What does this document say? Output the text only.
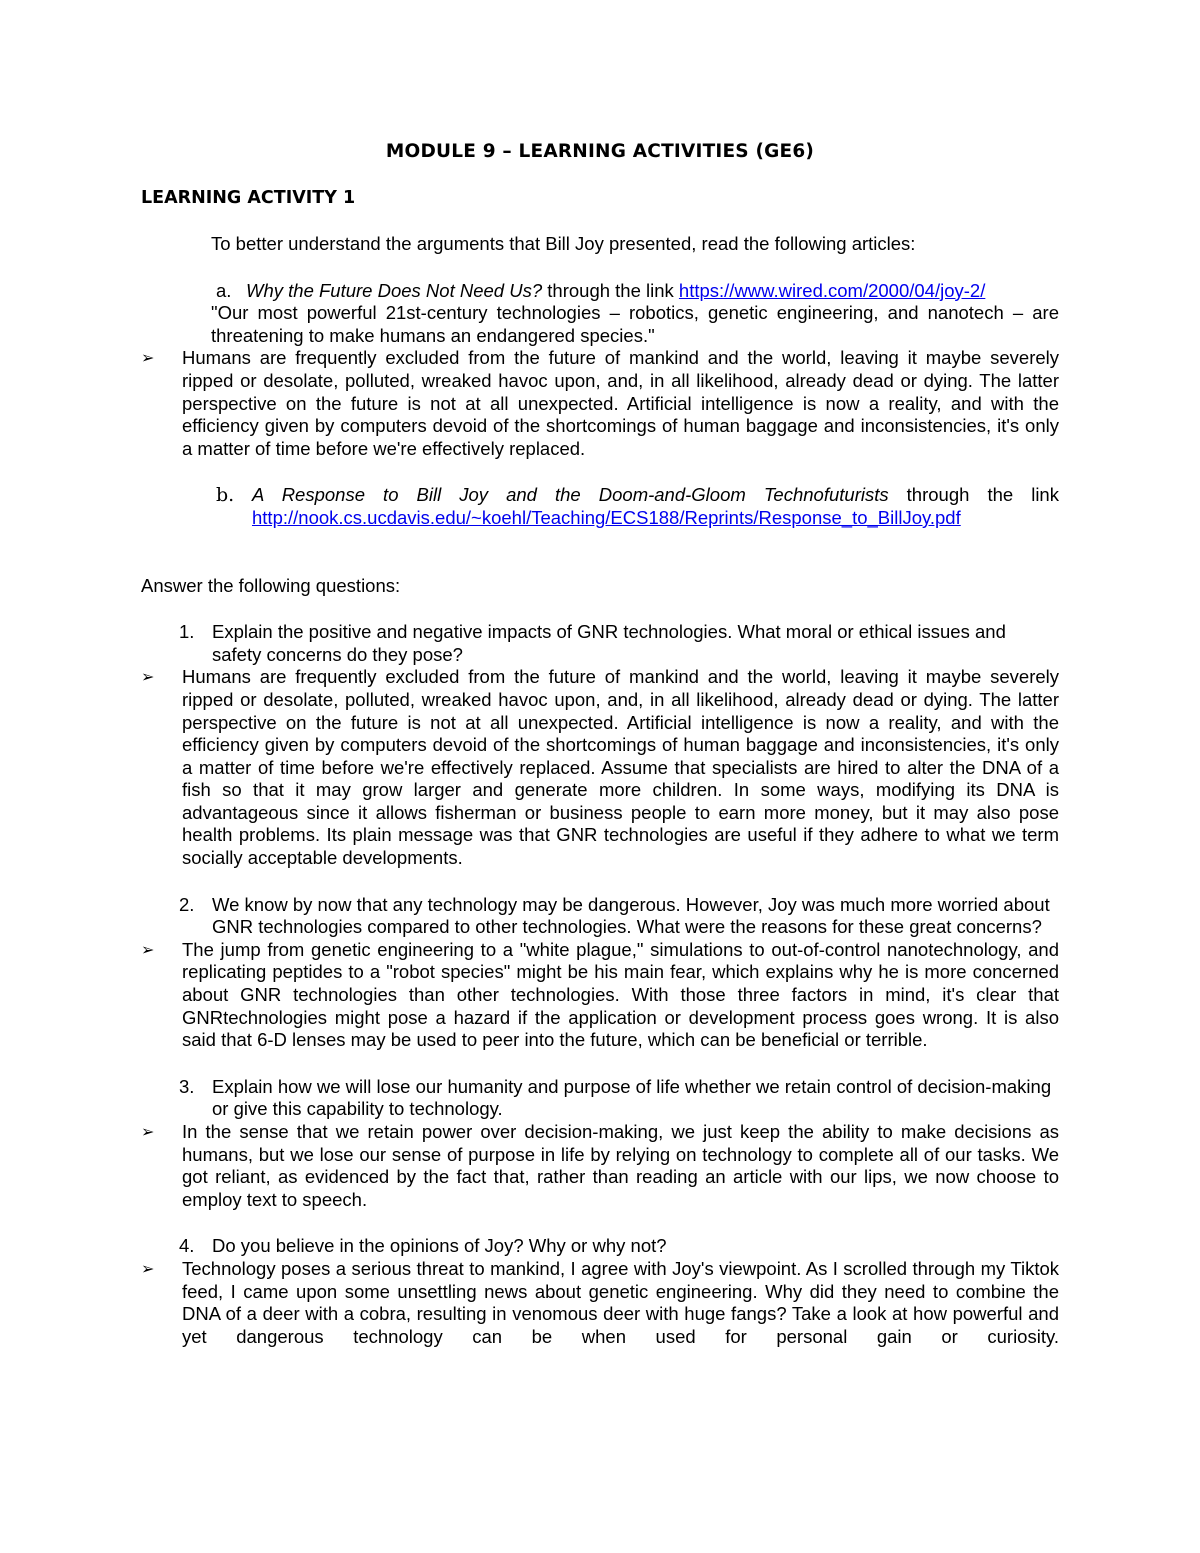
MODULE 9 – LEARNING ACTIVITIES (GE6)
LEARNING ACTIVITY 1

To better understand the arguments that Bill Joy presented, read the following articles:

a. Why the Future Does Not Need Us? through the link https://www.wired.com/2000/04/joy-2/

"Our most powerful 21st-century technologies – robotics, genetic engineering, and nanotech – are threatening to make humans an endangered species."

➢	Humans are frequently excluded from the future of mankind and the world, leaving it maybe severely ripped or desolate, polluted, wreaked havoc upon, and, in all likelihood, already dead or dying. The latter perspective on the future is not at all unexpected. Artificial intelligence is now a reality, and with the efficiency given by computers devoid of the shortcomings of human baggage and inconsistencies, it's only a matter of time before we're effectively replaced.
b. A Response to Bill Joy and the Doom-and-Gloom Technofuturists through the link
http://nook.cs.ucdavis.edu/~koehl/Teaching/ECS188/Reprints/Response_to_BillJoy.pdf

Answer the following questions:

1. Explain the positive and negative impacts of GNR technologies. What moral or ethical issues and safety concerns do they pose?
➢	Humans are frequently excluded from the future of mankind and the world, leaving it maybe severely ripped or desolate, polluted, wreaked havoc upon, and, in all likelihood, already dead or dying. The latter perspective on the future is not at all unexpected. Artificial intelligence is now a reality, and with the efficiency given by computers devoid of the shortcomings of human baggage and inconsistencies, it's only a matter of time before we're effectively replaced. Assume that specialists are hired to alter the DNA of a fish so that it may grow larger and generate more children. In some ways, modifying its DNA is advantageous since it allows fisherman or business people to earn more money, but it may also pose health problems. Its plain message was that GNR technologies are useful if they adhere to what we term socially acceptable developments.
2. We know by now that any technology may be dangerous. However, Joy was much more worried about GNR technologies compared to other technologies. What were the reasons for these great concerns?
➢	The jump from genetic engineering to a "white plague," simulations to out-of-control nanotechnology, and replicating peptides to a "robot species" might be his main fear, which explains why he is more concerned about GNR technologies than other technologies. With those three factors in mind, it's clear that GNRtechnologies might pose a hazard if the application or development process goes wrong. It is also said that 6-D lenses may be used to peer into the future, which can be beneficial or terrible.
3. Explain how we will lose our humanity and purpose of life whether we retain control of decision-making or give this capability to technology.
➢	In the sense that we retain power over decision-making, we just keep the ability to make decisions as humans, but we lose our sense of purpose in life by relying on technology to complete all of our tasks. We got reliant, as evidenced by the fact that, rather than reading an article with our lips, we now choose to employ text to speech.
4. Do you believe in the opinions of Joy? Why or why not?
➢	Technology poses a serious threat to mankind, I agree with Joy's viewpoint. As I scrolled through my Tiktok feed, I came upon some unsettling news about genetic engineering. Why did they need to combine the DNA of a deer with a cobra, resulting in venomous deer with huge fangs? Take a look at how powerful and yet dangerous technology can be when used for personal gain or curiosity.
